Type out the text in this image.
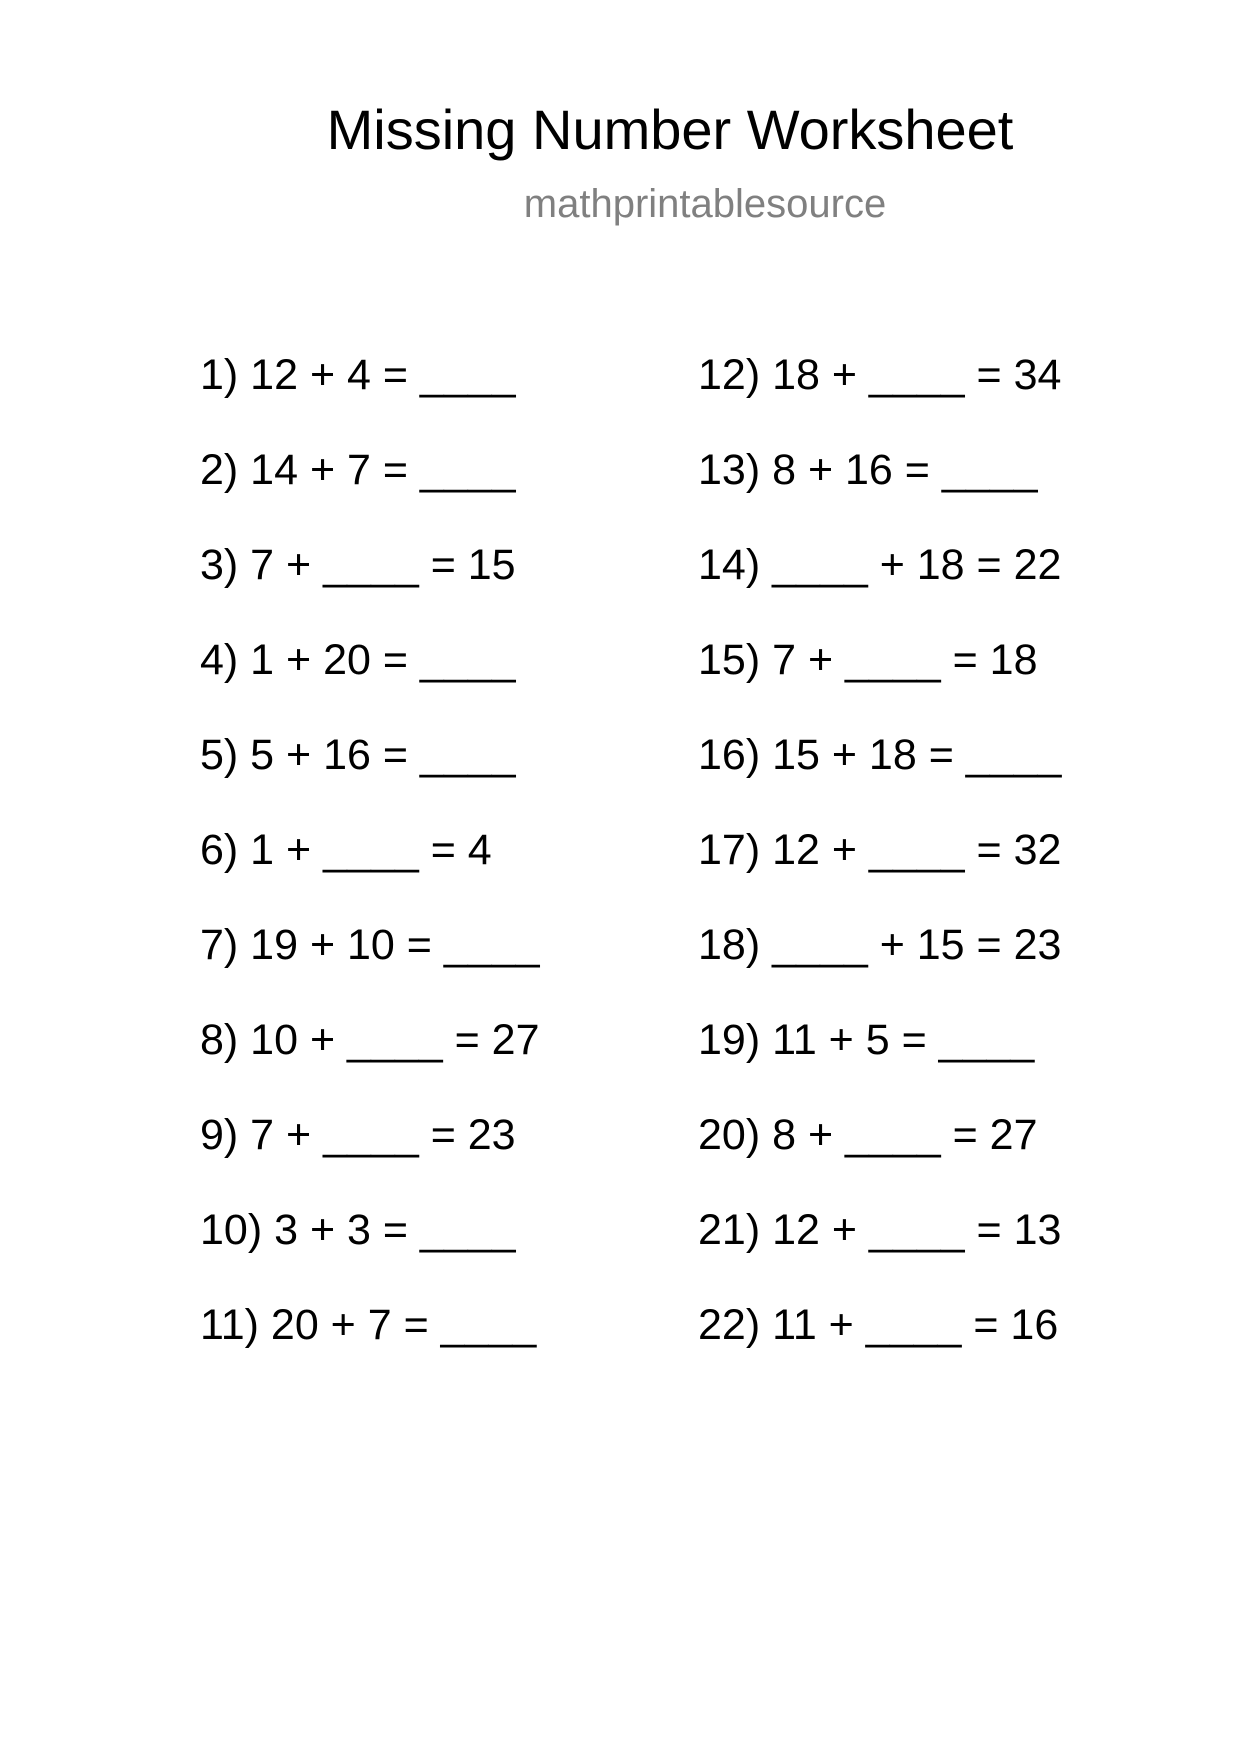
Missing Number Worksheet
mathprintablesource
1) 12 + 4 = ____
2) 14 + 7 = ____
3) 7 + ____ = 15
4) 1 + 20 = ____
5) 5 + 16 = ____
6) 1 + ____ = 4
7) 19 + 10 = ____
8) 10 + ____ = 27
9) 7 + ____ = 23
10) 3 + 3 = ____
11) 20 + 7 = ____
12) 18 + ____ = 34
13) 8 + 16 = ____
14) ____ + 18 = 22
15) 7 + ____ = 18
16) 15 + 18 = ____
17) 12 + ____ = 32
18) ____ + 15 = 23
19) 11 + 5 = ____
20) 8 + ____ = 27
21) 12 + ____ = 13
22) 11 + ____ = 16
